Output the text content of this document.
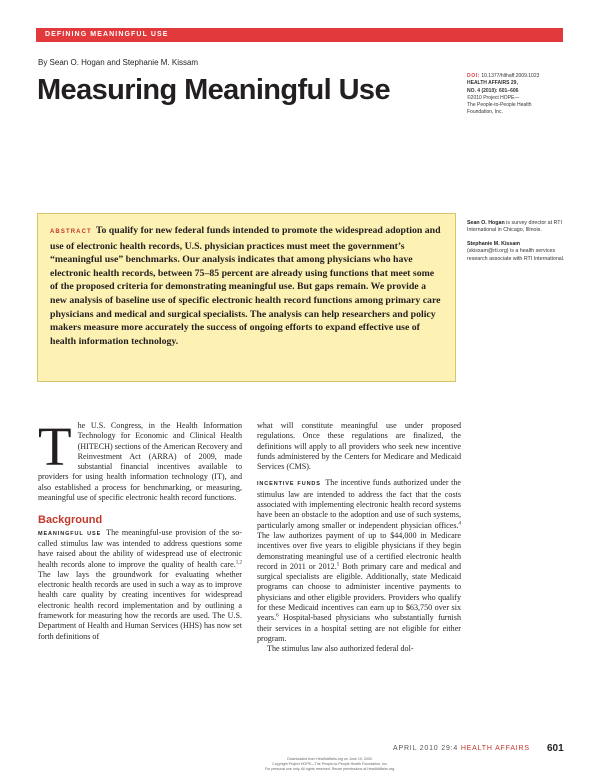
DEFINING MEANINGFUL USE
By Sean O. Hogan and Stephanie M. Kissam
Measuring Meaningful Use	DOI: 10.1377/hlthaff.2009.1023
HEALTH AFFAIRS 29,
NO. 4 (2010): 601–606
©2010 Project HOPE—
The People-to-People Health
Foundation, Inc.

ABSTRACT To qualify for new federal funds intended to promote the widespread adoption and use of electronic health records, U.S. physician practices must meet the government’s “meaningful use” benchmarks. Our analysis indicates that among physicians who have electronic health records, between 75–85 percent are already using functions that meet some of the proposed criteria for demonstrating meaningful use. But gaps remain. We provide a new analysis of baseline use of specific electronic health record functions among primary care physicians and medical and surgical specialists. The analysis can help researchers and policy makers measure more accurately the success of ongoing efforts to expand effective use of health information technology.

Sean O. Hogan is survey director at RTI International in Chicago, Illinois.

Stephanie M. Kissam
(skissam@rti.org) is a health services research associate with RTI International.

The U.S. Congress, in the Health Information Technology for Economic and Clinical Health (HITECH) sections of the American Recovery and Reinvestment Act (ARRA) of 2009, made substantial financial incentives available to providers for using health information technology (IT), and also established a process for benchmarking, or measuring, meaningful use of specific electronic health record functions.

Background

MEANINGFUL USE The meaningful-use provision of the so-called stimulus law was intended to address questions some have raised about the ability of widespread use of electronic health records alone to improve the quality of health care.$^{1,2}$ The law lays the groundwork for evaluating whether electronic health records are used in such a way as to improve health care quality by creating incentives for widespread electronic health record implementation and by outlining a framework for measuring how the records are used. The U.S. Department of Health and Human Services (HHS) has now set forth definitions of

what will constitute meaningful use under proposed regulations. Once these regulations are finalized, the definitions will apply to all providers who seek new incentive funds administered by the Centers for Medicare and Medicaid Services (CMS).

INCENTIVE FUNDS The incentive funds authorized under the stimulus law are intended to address the fact that the costs associated with implementing electronic health record systems have been an obstacle to the adoption and use of such systems, particularly among smaller or independent physician offices.$^4$ The law authorizes payment of up to $44,000 in Medicare incentives over five years to eligible physicians if they begin demonstrating meaningful use of a certified electronic health record in 2011 or 2012.$^5$ Both primary care and medical and surgical specialists are eligible. Additionally, state Medicaid programs can choose to administer incentive payments to physicians and other eligible providers. Providers who qualify for these Medicaid incentives can earn up to $63,750 over six years.$^6$ Hospital-based physicians who substantially furnish their services in a hospital setting are not eligible for either program.

The stimulus law also authorized federal dol-

APRIL 2010 29:4 HEALTH AFFAIRS 601
Downloaded from HealthAffairs.org on June 10, 2020.
Copyright Project HOPE—The People-to-People Health Foundation, Inc.
For personal use only. All rights reserved. Reuse permissions at HealthAffairs.org.
